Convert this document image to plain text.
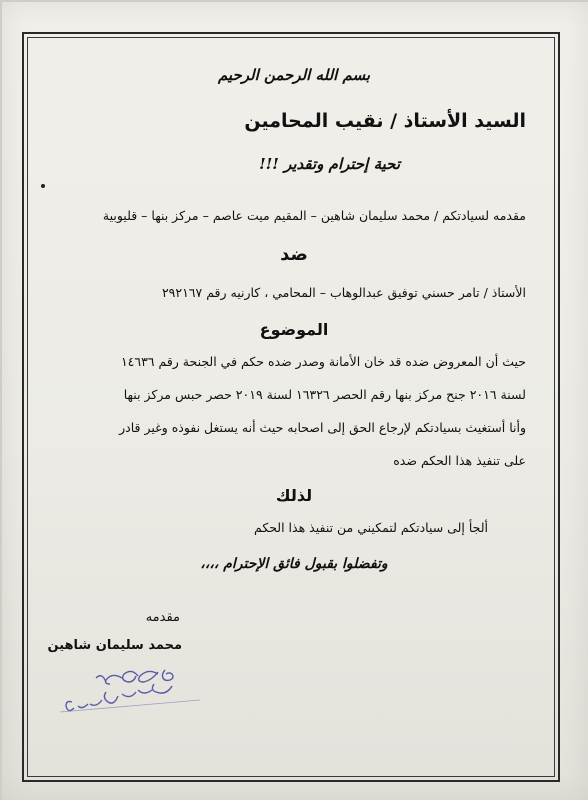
بسم الله الرحمن الرحيم
السيد الأستاذ / نقيب المحامين
تحية إحترام وتقدير !!!
مقدمه لسيادتكم / محمد سليمان شاهين – المقيم ميت عاصم – مركز بنها – قليوبية
ضد
الأستاذ / تامر حسني توفيق عبدالوهاب – المحامي ، كارنيه رقم ٢٩٢١٦٧
الموضوع
حيث أن المعروض ضده قد خان الأمانة وصدر ضده حكم في الجنحة رقم ١٤٦٣٦
لسنة ٢٠١٦ جنح مركز بنها رقم الحصر ١٦٣٢٦ لسنة ٢٠١٩ حصر حبس مركز بنها
وأنا أستغيث بسيادتكم لإرجاع الحق إلى اصحابه حيث أنه يستغل نفوذه وغير قادر
على تنفيذ هذا الحكم ضده
لذلك
ألجأ إلى سيادتكم لتمكيني من تنفيذ هذا الحكم
وتفضلوا بقبول فائق الإحترام ،،،،
مقدمه
محمد سليمان شاهين
